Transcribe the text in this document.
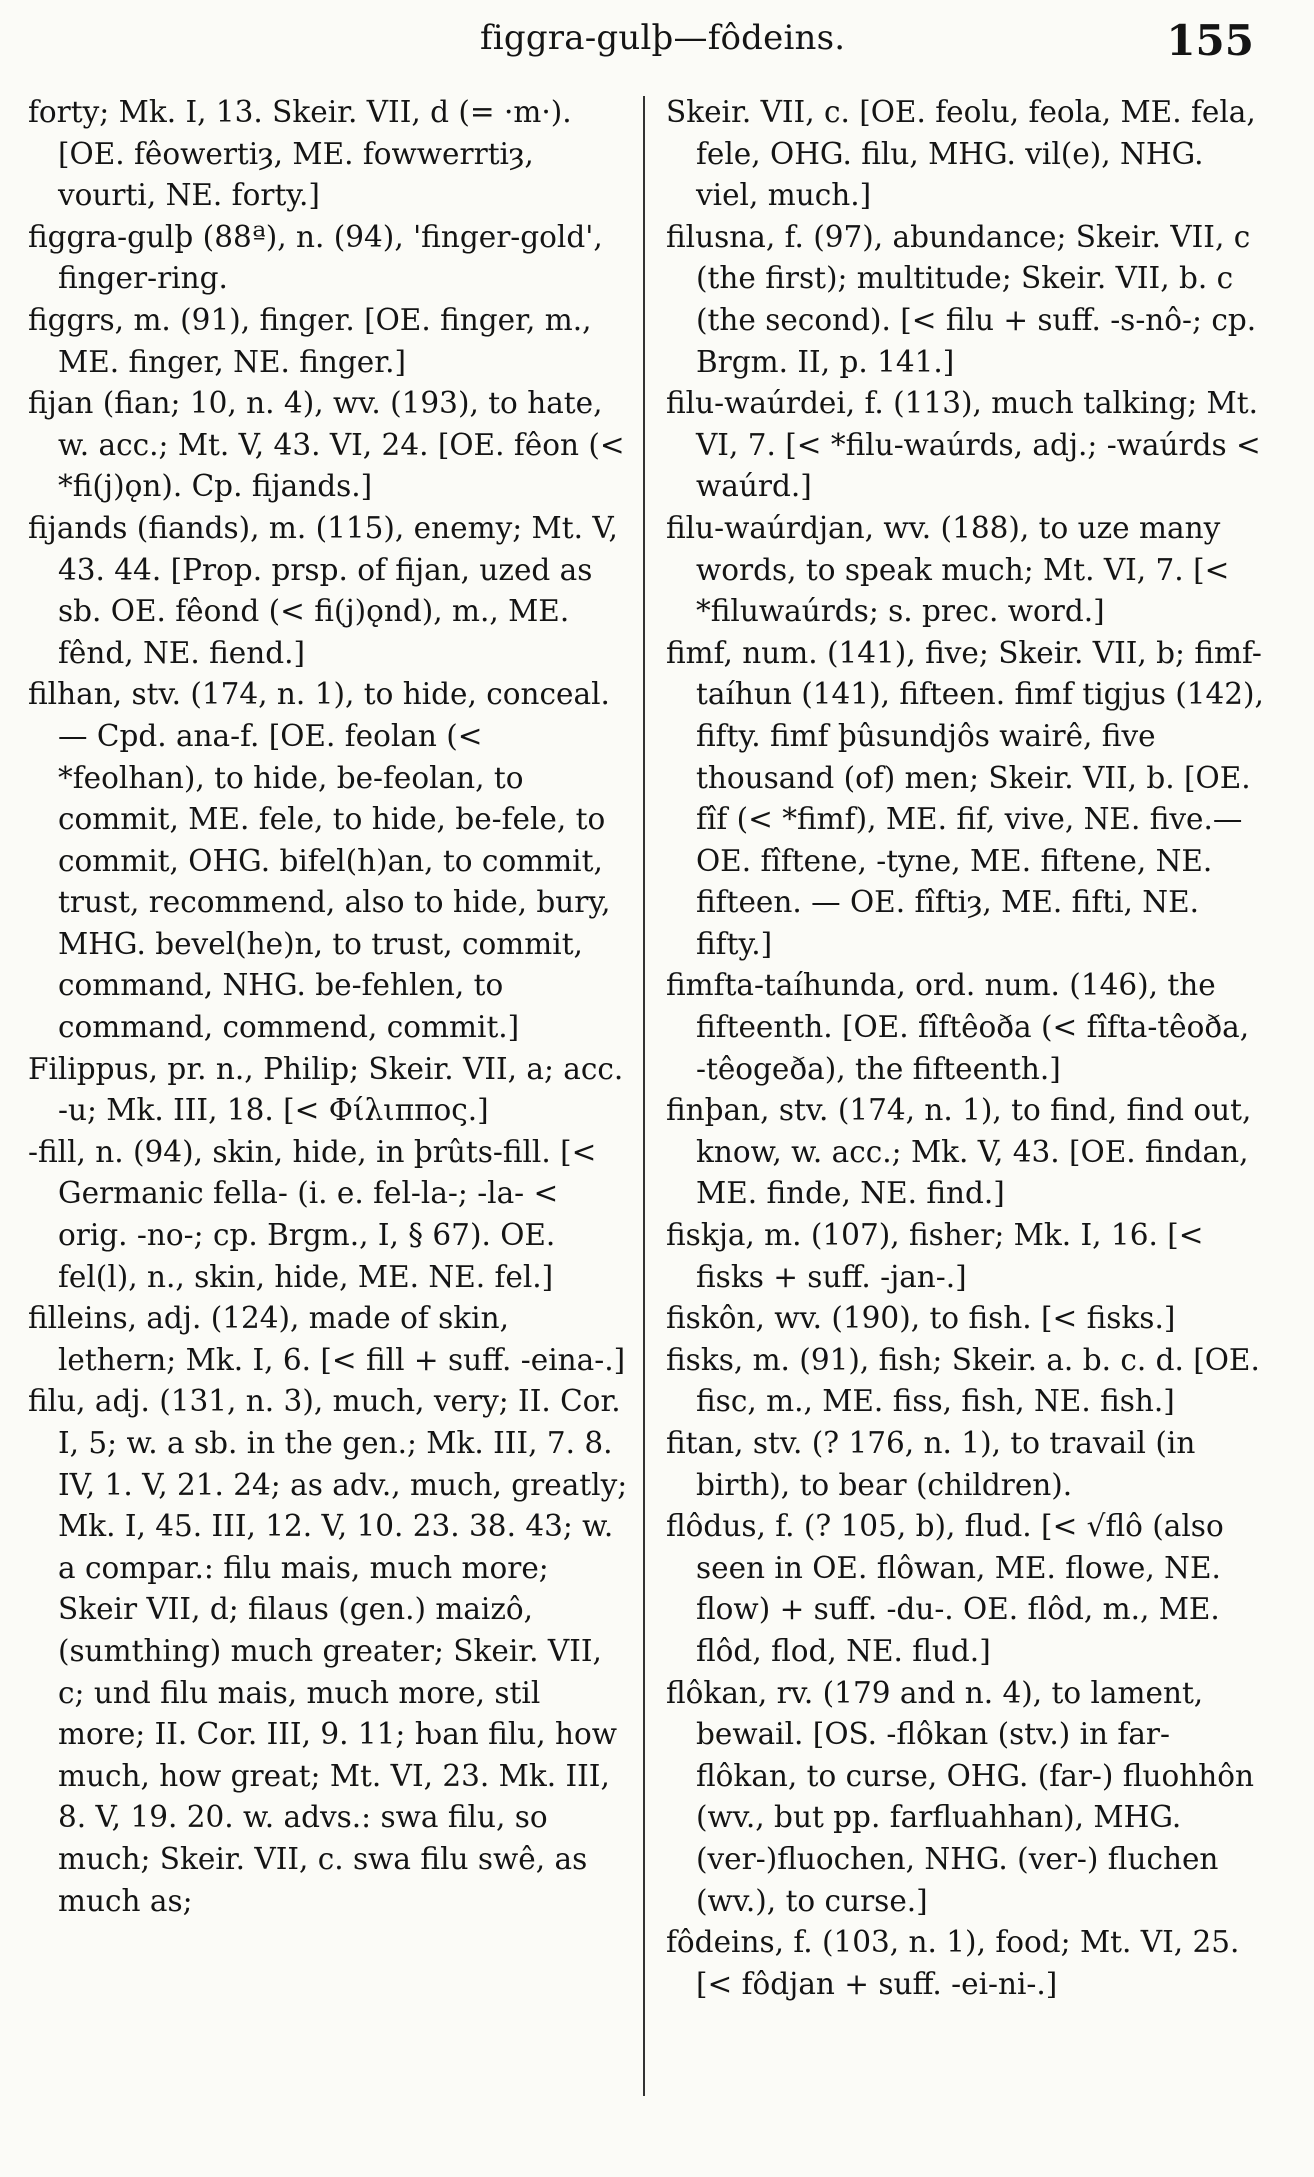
figgra-gulþ—fôdeins.	155

forty; Mk. I, 13. Skeir. VII, d (= ·m·). [OE. fêowertiȝ, ME. fowwerrtiȝ, vourti, NE. forty.]

figgra-gulþ (88ª), n. (94), 'finger-gold', finger-ring.

figgrs, m. (91), finger. [OE. finger, m., ME. finger, NE. finger.]

fijan (fian; 10, n. 4), wv. (193), to hate, w. acc.; Mt. V, 43. VI, 24. [OE. fêon (< *fi(j)ǫn). Cp. fijands.]

fijands (fiands), m. (115), enemy; Mt. V, 43. 44. [Prop. prsp. of fijan, uzed as sb. OE. fêond (< fi(j)ǫnd), m., ME. fênd, NE. fiend.]

filhan, stv. (174, n. 1), to hide, conceal. — Cpd. ana-f. [OE. feolan (< *feolhan), to hide, be-feolan, to commit, ME. fele, to hide, be-fele, to commit, OHG. bifel(h)an, to commit, trust, recommend, also to hide, bury, MHG. bevel(he)n, to trust, commit, command, NHG. be-fehlen, to command, commend, commit.]

Filippus, pr. n., Philip; Skeir. VII, a; acc. -u; Mk. III, 18. [< Φίλιππος.]

-fill, n. (94), skin, hide, in þrûts-fill. [< Germanic fella- (i. e. fel-la-; -la- < orig. -no-; cp. Brgm., I, § 67). OE. fel(l), n., skin, hide, ME. NE. fel.]

filleins, adj. (124), made of skin, lethern; Mk. I, 6. [< fill + suff. -eina-.]

filu, adj. (131, n. 3), much, very; II. Cor. I, 5; w. a sb. in the gen.; Mk. III, 7. 8. IV, 1. V, 21. 24; as adv., much, greatly; Mk. I, 45. III, 12. V, 10. 23. 38. 43; w. a compar.: filu mais, much more; Skeir VII, d; filaus (gen.) maizô, (sumthing) much greater; Skeir. VII, c; und filu mais, much more, stil more; II. Cor. III, 9. 11; ƕan filu, how much, how great; Mt. VI, 23. Mk. III, 8. V, 19. 20. w. advs.: swa filu, so much; Skeir. VII, c. swa filu swê, as much as;

Skeir. VII, c. [OE. feolu, feola, ME. fela, fele, OHG. filu, MHG. vil(e), NHG. viel, much.]

filusna, f. (97), abundance; Skeir. VII, c (the first); multitude; Skeir. VII, b. c (the second). [< filu + suff. -s-nô-; cp. Brgm. II, p. 141.]

filu-waúrdei, f. (113), much talking; Mt. VI, 7. [< *filu-waúrds, adj.; -waúrds < waúrd.]

filu-waúrdjan, wv. (188), to uze many words, to speak much; Mt. VI, 7. [< *filuwaúrds; s. prec. word.]

fimf, num. (141), five; Skeir. VII, b; fimf-taíhun (141), fifteen. fimf tigjus (142), fifty. fimf þûsundjôs wairê, five thousand (of) men; Skeir. VII, b. [OE. fîf (< *fimf), ME. fif, vive, NE. five.—OE. fîftene, -tyne, ME. fiftene, NE. fifteen. — OE. fîftiȝ, ME. fifti, NE. fifty.]

fimfta-taíhunda, ord. num. (146), the fifteenth. [OE. fîftêoða (< fîfta-têoða, -têogeða), the fifteenth.]

finþan, stv. (174, n. 1), to find, find out, know, w. acc.; Mk. V, 43. [OE. findan, ME. finde, NE. find.]

fiskja, m. (107), fisher; Mk. I, 16. [< fisks + suff. -jan-.]

fiskôn, wv. (190), to fish. [< fisks.]

fisks, m. (91), fish; Skeir. a. b. c. d. [OE. fisc, m., ME. fiss, fish, NE. fish.]

fitan, stv. (? 176, n. 1), to travail (in birth), to bear (children).

flôdus, f. (? 105, b), flud. [< √flô (also seen in OE. flôwan, ME. flowe, NE. flow) + suff. -du-. OE. flôd, m., ME. flôd, flod, NE. flud.]

flôkan, rv. (179 and n. 4), to lament, bewail. [OS. -flôkan (stv.) in far-flôkan, to curse, OHG. (far-) fluohhôn (wv., but pp. farfluahhan), MHG. (ver-)fluochen, NHG. (ver-) fluchen (wv.), to curse.]

fôdeins, f. (103, n. 1), food; Mt. VI, 25. [< fôdjan + suff. -ei-ni-.]
